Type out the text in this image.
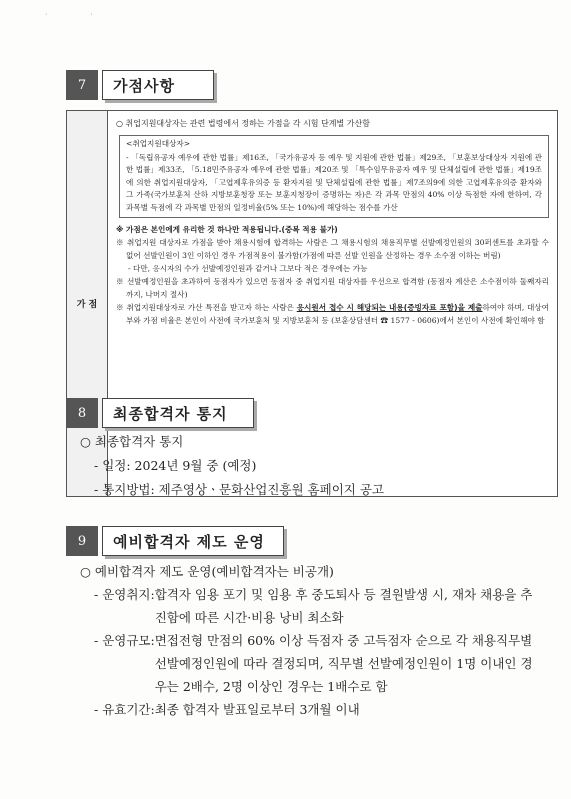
· ·
7	가점사항
가 점
○ 취업지원대상자는 관련 법령에서 정하는 가점을 각 시험 단계별 가산함
<취업지원대상자>
- 「독립유공자 예우에 관한 법률」제16조, 「국가유공자 등 예우 및 지원에 관한 법률」제29조, 「보훈보상대상자 지원에 관한 법률」제33조, 「5.18민주유공자 예우에 관한 법률」제20조 및 「특수임무유공자 예우 및 단체설립에 관한 법률」제19조에 의한 취업지원대상자, 「고엽제후유의증 등 환자지원 및 단체설립에 관한 법률」제7조의9에 의한 고엽제후유의증 환자와 그 가족(국가보훈처 산하 지방보훈청장 또는 보훈지청장이 증명하는 자)은 각 과목 만점의 40% 이상 득점한 자에 한하여, 각 과목별 득점에 각 과목별 만점의 일정비율(5% 또는 10%)에 해당하는 점수를 가산
※ 가점은 본인에게 유리한 것 하나만 적용됩니다.(중복 적용 불가)
※ 취업지원 대상자로 가점을 받아 채용시험에 합격하는 사람은 그 채용시험의 채용직무별 선발예정인원의 30퍼센트를 초과할 수 없어 선발인원이 3인 이하인 경우 가점적용이 불가함(가점에 따른 선발 인원을 산정하는 경우 소수점 이하는 버림)
- 다만, 응시자의 수가 선발예정인원과 같거나 그보다 적은 경우에는 가능
※ 선발예정인원을 초과하여 동점자가 있으면 동점자 중 취업지원 대상자를 우선으로 합격함 (동점자 계산은 소수점이하 둘째자리까지, 나머지 절사)
※ 취업지원대상자로 가산 특전을 받고자 하는 사람은 응시원서 접수 시 해당되는 내용(증빙자료 포함)을 제출하여야 하며, 대상여부와 가점 비율은 본인이 사전에 국가보훈처 및 지방보훈처 등 (보훈상담센터 ☎ 1577 - 0606)에서 본인이 사전에 확인해야 함
8	최종합격자 통지
○ 최종합격자 통지
- 일정: 2024년 9월 중 (예정)
- 통지방법: 제주영상ㆍ문화산업진흥원 홈페이지 공고
9	예비합격자 제도 운영
○ 예비합격자 제도 운영(예비합격자는 비공개)
- 운영취지: 합격자 임용 포기 및 임용 후 중도퇴사 등 결원발생 시, 재차 채용을 추진함에 따른 시간·비용 낭비 최소화
- 운영규모: 면접전형 만점의 60% 이상 득점자 중 고득점자 순으로 각 채용직무별 선발예정인원에 따라 결정되며, 직무별 선발예정인원이 1명 이내인 경우는 2배수, 2명 이상인 경우는 1배수로 함
- 유효기간: 최종 합격자 발표일로부터 3개월 이내
